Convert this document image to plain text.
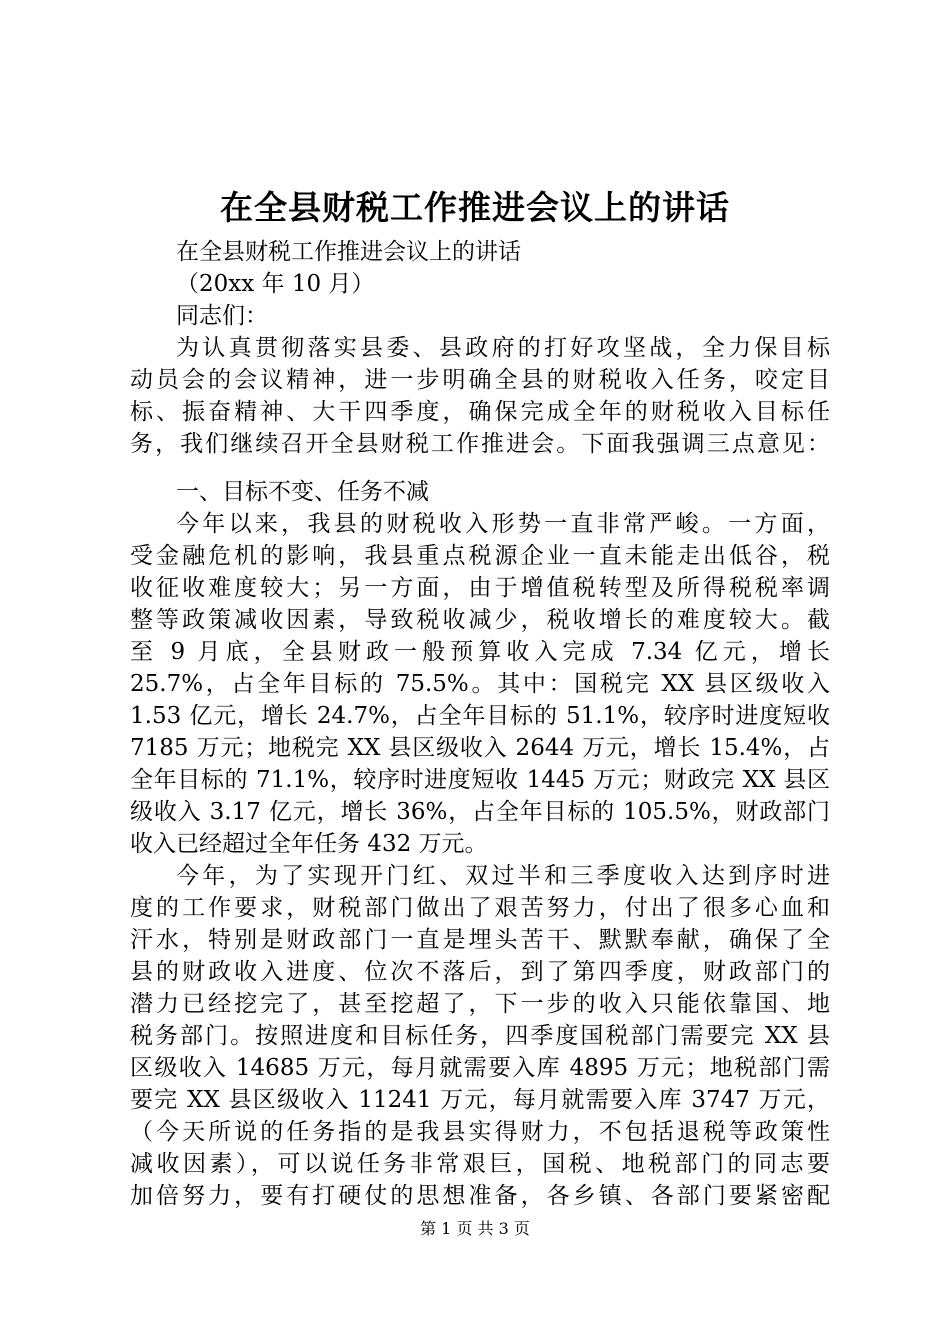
在全县财税工作推进会议上的讲话
在全县财税工作推进会议上的讲话
（20xx 年 10 月）
同志们：
为认真贯彻落实县委、县政府的打好攻坚战，全力保目标
动员会的会议精神，进一步明确全县的财税收入任务，咬定目
标、振奋精神、大干四季度，确保完成全年的财税收入目标任
务，我们继续召开全县财税工作推进会。下面我强调三点意见：
一、目标不变、任务不减
今年以来，我县的财税收入形势一直非常严峻。一方面，
受金融危机的影响，我县重点税源企业一直未能走出低谷，税
收征收难度较大；另一方面，由于增值税转型及所得税税率调
整等政策减收因素，导致税收减少，税收增长的难度较大。截
至 9 月底，全县财政一般预算收入完成 7.34 亿元，增长
25.7%，占全年目标的 75.5%。其中：国税完 XX 县区级收入
1.53 亿元，增长 24.7%，占全年目标的 51.1%，较序时进度短收
7185 万元；地税完 XX 县区级收入 2644 万元，增长 15.4%，占
全年目标的 71.1%，较序时进度短收 1445 万元；财政完 XX 县区
级收入 3.17 亿元，增长 36%，占全年目标的 105.5%，财政部门
收入已经超过全年任务 432 万元。
今年，为了实现开门红、双过半和三季度收入达到序时进
度的工作要求，财税部门做出了艰苦努力，付出了很多心血和
汗水，特别是财政部门一直是埋头苦干、默默奉献，确保了全
县的财政收入进度、位次不落后，到了第四季度，财政部门的
潜力已经挖完了，甚至挖超了，下一步的收入只能依靠国、地
税务部门。按照进度和目标任务，四季度国税部门需要完 XX 县
区级收入 14685 万元，每月就需要入库 4895 万元；地税部门需
要完 XX 县区级收入 11241 万元，每月就需要入库 3747 万元，
（今天所说的任务指的是我县实得财力，不包括退税等政策性
减收因素），可以说任务非常艰巨，国税、地税部门的同志要
加倍努力，要有打硬仗的思想准备，各乡镇、各部门要紧密配
第 1 页 共 3 页
